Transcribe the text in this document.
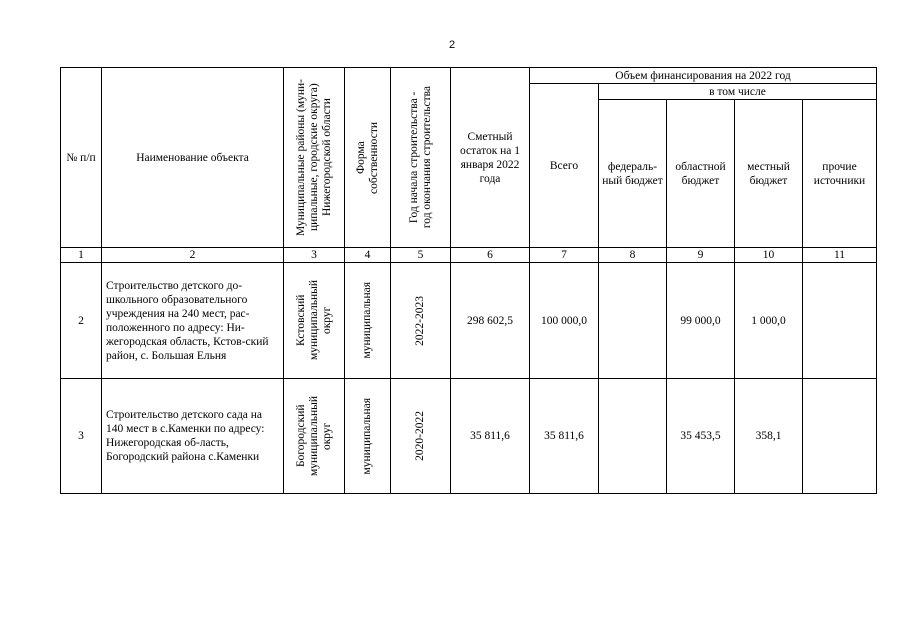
2
№ п/п	Наименование объекта	Муниципальные районы (муни-
ципальные, городские округа)
Нижегородской области	Форма
собственности	Год начала строительства -
год окончания строительства	Сметный остаток на 1 января 2022 года	Объем финансирования на 2022 год				
						Всего	в том числе			
							федераль-ный бюджет	областной бюджет	местный бюджет	прочие источники
1	2	3	4	5	6	7	8	9	10	11
2	Строительство детского до-школьного образовательного учреждения на 240 мест, рас-положенного по адресу: Ни-жегородская область, Кстов-ский район, с. Большая Ельня	Кстовский
муниципальный
округ	муниципальная	2022-2023	298 602,5	100 000,0		99 000,0	1 000,0	
3	Строительство детского сада на 140 мест в с.Каменки по адресу: Нижегородская об-ласть, Богородский района с.Каменки	Богородский
муниципальный
округ	муниципальная	2020-2022	35 811,6	35 811,6		35 453,5	358,1	
